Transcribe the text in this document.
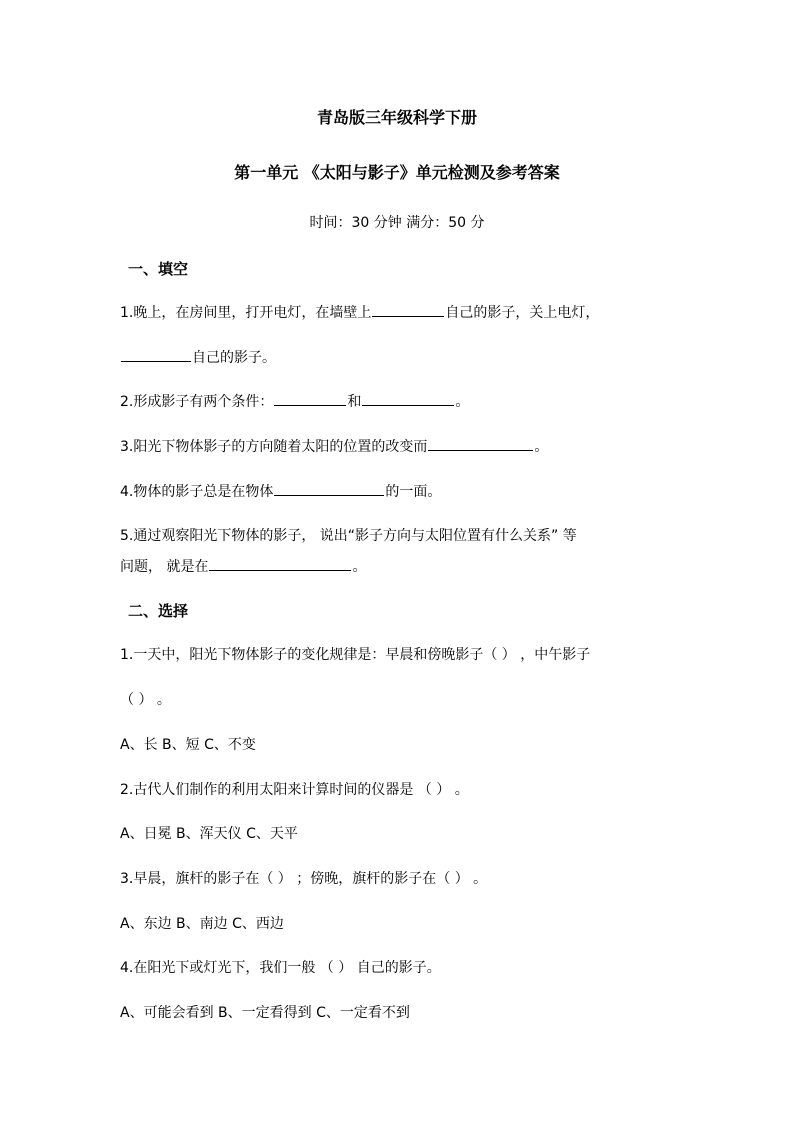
青岛版三年级科学下册
第一单元 《太阳与影子》单元检测及参考答案
时间：30 分钟 满分：50 分
一、填空
1.晚上，在房间里，打开电灯，在墙壁上	自己的影子，关上电灯，
自己的影子。
2.形成影子有两个条件：	和	。
3.阳光下物体影子的方向随着太阳的位置的改变而	。
4.物体的影子总是在物体	的一面。
5.通过观察阳光下物体的影子， 说出“影子方向与太阳位置有什么关系” 等
问题， 就是在	。
二、选择
1.一天中，阳光下物体影子的变化规律是：早晨和傍晚影子（ ） ，中午影子
（ ） 。
A、长 B、短 C、不变
2.古代人们制作的利用太阳来计算时间的仪器是 （ ） 。
A、日冕 B、浑天仪 C、天平
3.早晨，旗杆的影子在（ ） ；傍晚，旗杆的影子在（ ） 。
A、东边 B、南边 C、西边
4.在阳光下或灯光下，我们一般 （ ） 自己的影子。
A、可能会看到 B、一定看得到 C、一定看不到
